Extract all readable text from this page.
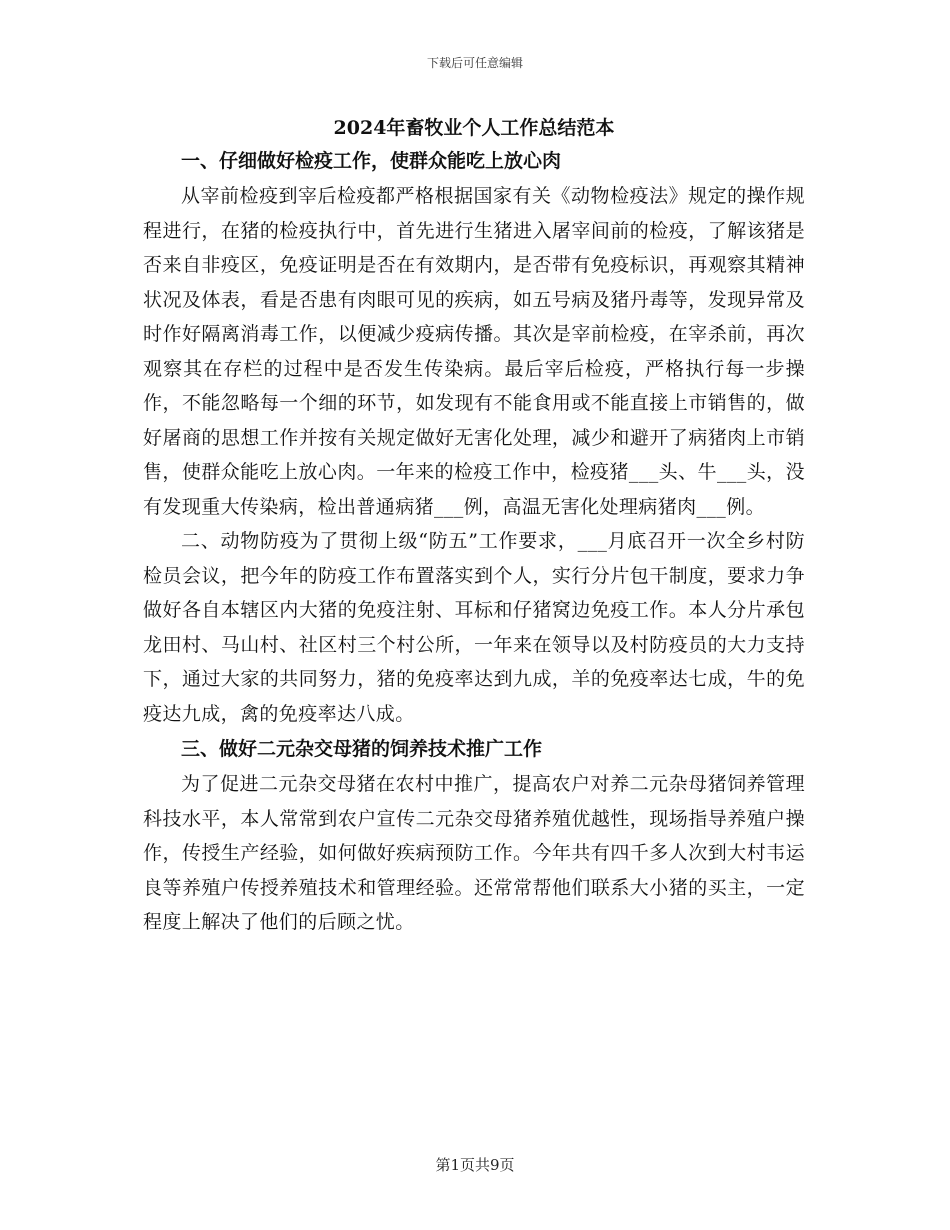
下载后可任意编辑
2024年畜牧业个人工作总结范本
一、仔细做好检疫工作，使群众能吃上放心肉

从宰前检疫到宰后检疫都严格根据国家有关《动物检疫法》规定的操作规程进行，在猪的检疫执行中，首先进行生猪进入屠宰间前的检疫，了解该猪是否来自非疫区，免疫证明是否在有效期内，是否带有免疫标识，再观察其精神状况及体表，看是否患有肉眼可见的疾病，如五号病及猪丹毒等，发现异常及时作好隔离消毒工作，以便减少疫病传播。其次是宰前检疫，在宰杀前，再次观察其在存栏的过程中是否发生传染病。最后宰后检疫，严格执行每一步操作，不能忽略每一个细的环节，如发现有不能食用或不能直接上市销售的，做好屠商的思想工作并按有关规定做好无害化处理，减少和避开了病猪肉上市销售，使群众能吃上放心肉。一年来的检疫工作中，检疫猪___头、牛___头，没有发现重大传染病，检出普通病猪___例，高温无害化处理病猪肉___例。

二、动物防疫为了贯彻上级“防五”工作要求，___月底召开一次全乡村防检员会议，把今年的防疫工作布置落实到个人，实行分片包干制度，要求力争做好各自本辖区内大猪的免疫注射、耳标和仔猪窝边免疫工作。本人分片承包龙田村、马山村、社区村三个村公所，一年来在领导以及村防疫员的大力支持下，通过大家的共同努力，猪的免疫率达到九成，羊的免疫率达七成，牛的免疫达九成，禽的免疫率达八成。

三、做好二元杂交母猪的饲养技术推广工作

为了促进二元杂交母猪在农村中推广，提高农户对养二元杂母猪饲养管理科技水平，本人常常到农户宣传二元杂交母猪养殖优越性，现场指导养殖户操作，传授生产经验，如何做好疾病预防工作。今年共有四千多人次到大村韦运良等养殖户传授养殖技术和管理经验。还常常帮他们联系大小猪的买主，一定程度上解决了他们的后顾之忧。

第1页共9页
